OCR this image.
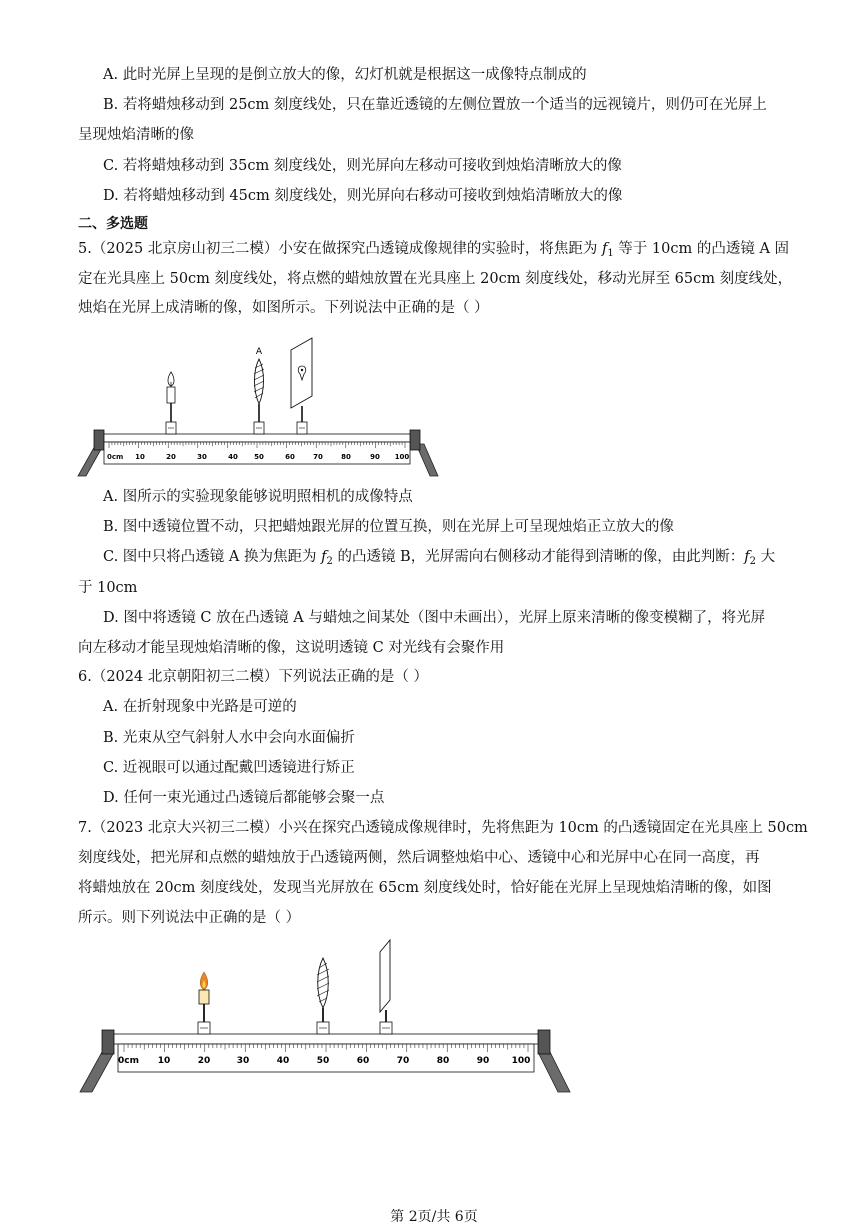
A. 此时光屏上呈现的是倒立放大的像，幻灯机就是根据这一成像特点制成的
B. 若将蜡烛移动到 25cm 刻度线处，只在靠近透镜的左侧位置放一个适当的远视镜片，则仍可在光屏上
呈现烛焰清晰的像
C. 若将蜡烛移动到 35cm 刻度线处，则光屏向左移动可接收到烛焰清晰放大的像
D. 若将蜡烛移动到 45cm 刻度线处，则光屏向右移动可接收到烛焰清晰放大的像
二、多选题
5.（2025 北京房山初三二模）小安在做探究凸透镜成像规律的实验时，将焦距为 $f_1$ 等于 10cm 的凸透镜 A 固
定在光具座上 50cm 刻度线处，将点燃的蜡烛放置在光具座上 20cm 刻度线处，移动光屏至 65cm 刻度线处，
烛焰在光屏上成清晰的像，如图所示。下列说法中正确的是（ ）
0cm 10	20	30	40 50	60	70	80	90 100
A
A. 图所示的实验现象能够说明照相机的成像特点
B. 图中透镜位置不动，只把蜡烛跟光屏的位置互换，则在光屏上可呈现烛焰正立放大的像
C. 图中只将凸透镜 A 换为焦距为 $f_2$ 的凸透镜 B，光屏需向右侧移动才能得到清晰的像，由此判断：$f_2$ 大
于 10cm
D. 图中将透镜 C 放在凸透镜 A 与蜡烛之间某处（图中未画出），光屏上原来清晰的像变模糊了，将光屏
向左移动才能呈现烛焰清晰的像，这说明透镜 C 对光线有会聚作用
6.（2024 北京朝阳初三二模）下列说法正确的是（ ）
A. 在折射现象中光路是可逆的
B. 光束从空气斜射人水中会向水面偏折
C. 近视眼可以通过配戴凹透镜进行矫正
D. 任何一束光通过凸透镜后都能够会聚一点
7.（2023 北京大兴初三二模）小兴在探究凸透镜成像规律时，先将焦距为 10cm 的凸透镜固定在光具座上 50cm
刻度线处，把光屏和点燃的蜡烛放于凸透镜两侧，然后调整烛焰中心、透镜中心和光屏中心在同一高度，再
将蜡烛放在 20cm 刻度线处，发现当光屏放在 65cm 刻度线处时，恰好能在光屏上呈现烛焰清晰的像，如图
所示。则下列说法中正确的是（ ）
0cm 10	20	30	40	50	60	70	80	90 100
第 2页/共 6页
